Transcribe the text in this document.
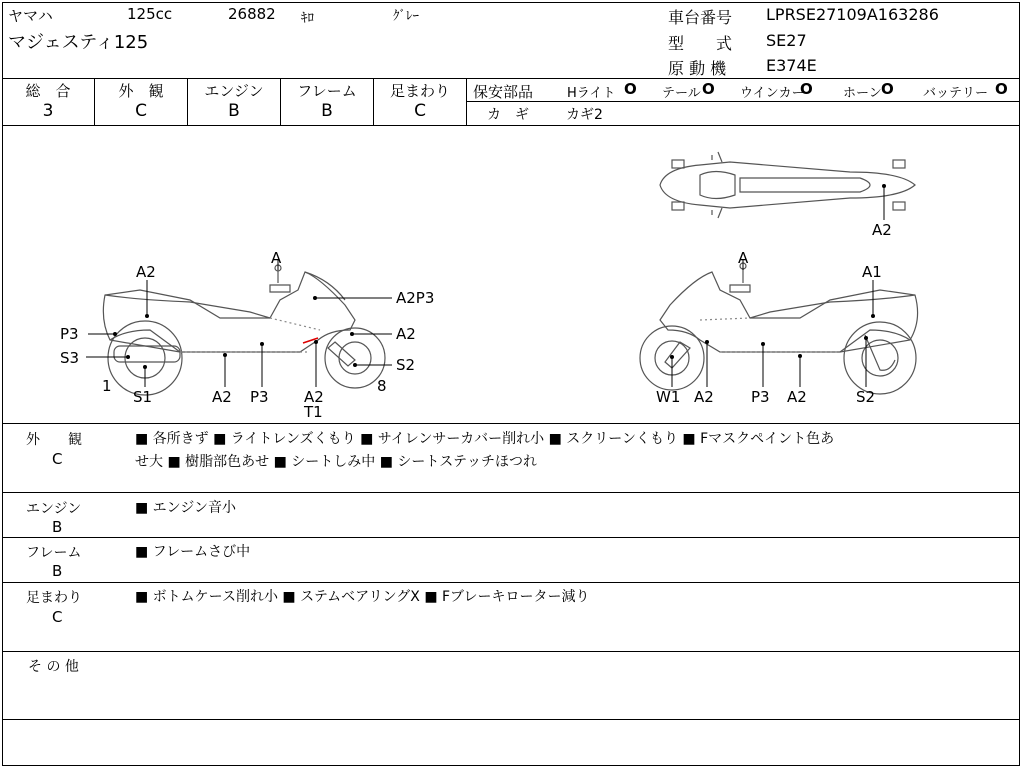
ヤマハ	125cc	26882 ｷﾛ	ｸﾞﾚｰ
マジェスティ125
車台番号 LPRSE27109A163286
型　　式 SE27
原 動 機 E374E
総　合
3
外　観
C
エンジン
B
フレーム
B
足まわり
C
保安部品	Hライト O テール O ウインカー
O ホーン O バッテリー O
カ　ギ	カギ2
A2
A
A2P3
P3	A2
S3	S2
1	8
S1	A2 P3 A2
T1
A
A1
W1 A2 P3 A2	S2
A2
外　　観
C
■ 各所きず ■ ライトレンズくもり ■ サイレンサーカバー削れ小 ■ スクリーンくもり ■ Fマスクペイント色あ
せ大 ■ 樹脂部色あせ ■ シートしみ中 ■ シートステッチほつれ
エンジン
B
■ エンジン音小
フレーム
B
■ フレームさび中
足まわり
C
■ ボトムケース削れ小 ■ ステムベアリングX ■ Fブレーキローター減り
そ の 他
